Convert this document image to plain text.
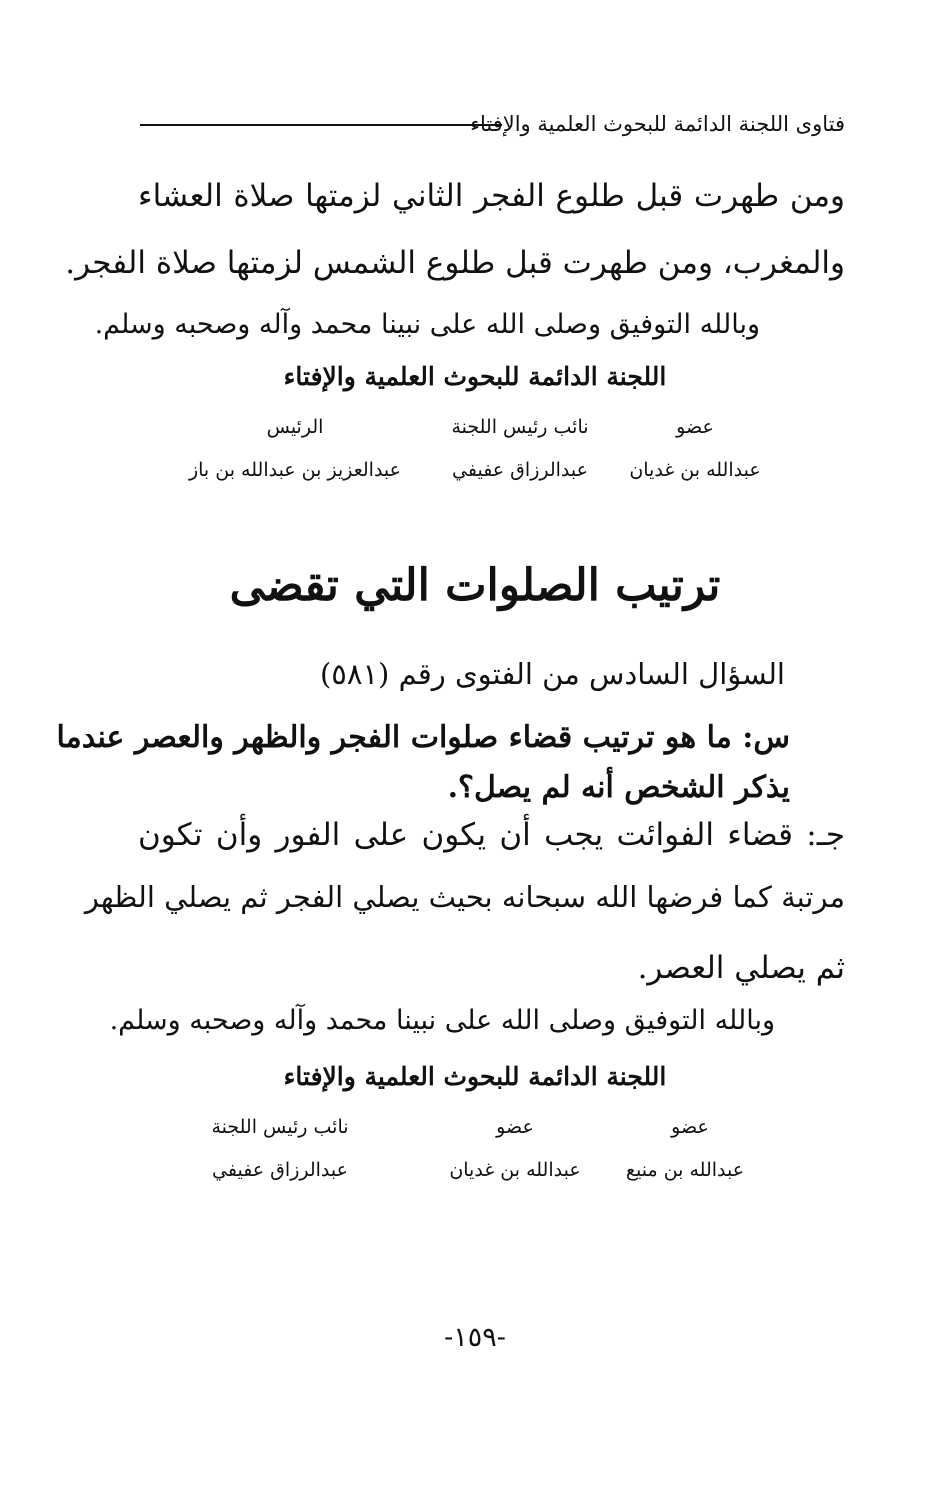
فتاوى اللجنة الدائمة للبحوث العلمية والإفتاء
ومن طهرت قبل طلوع الفجر الثاني لزمتها صلاة العشاء
والمغرب، ومن طهرت قبل طلوع الشمس لزمتها صلاة الفجر.
وبالله التوفيق وصلى الله على نبينا محمد وآله وصحبه وسلم.
اللجنة الدائمة للبحوث العلمية والإفتاء
الرئيس
عبدالعزيز بن عبدالله بن باز
نائب رئيس اللجنة
عبدالرزاق عفيفي
عضو
عبدالله بن غديان
ترتيب الصلوات التي تقضى
السؤال السادس من الفتوى رقم (٥٨١)
س: ما هو ترتيب قضاء صلوات الفجر والظهر والعصر عندما
يذكر الشخص أنه لم يصل؟.
جـ: قضاء الفوائت يجب أن يكون على الفور وأن تكون
مرتبة كما فرضها الله سبحانه بحيث يصلي الفجر ثم يصلي الظهر
ثم يصلي العصر.
وبالله التوفيق وصلى الله على نبينا محمد وآله وصحبه وسلم.
اللجنة الدائمة للبحوث العلمية والإفتاء
نائب رئيس اللجنة
عبدالرزاق عفيفي
عضو
عبدالله بن غديان
عضو
عبدالله بن منيع
-١٥٩-
